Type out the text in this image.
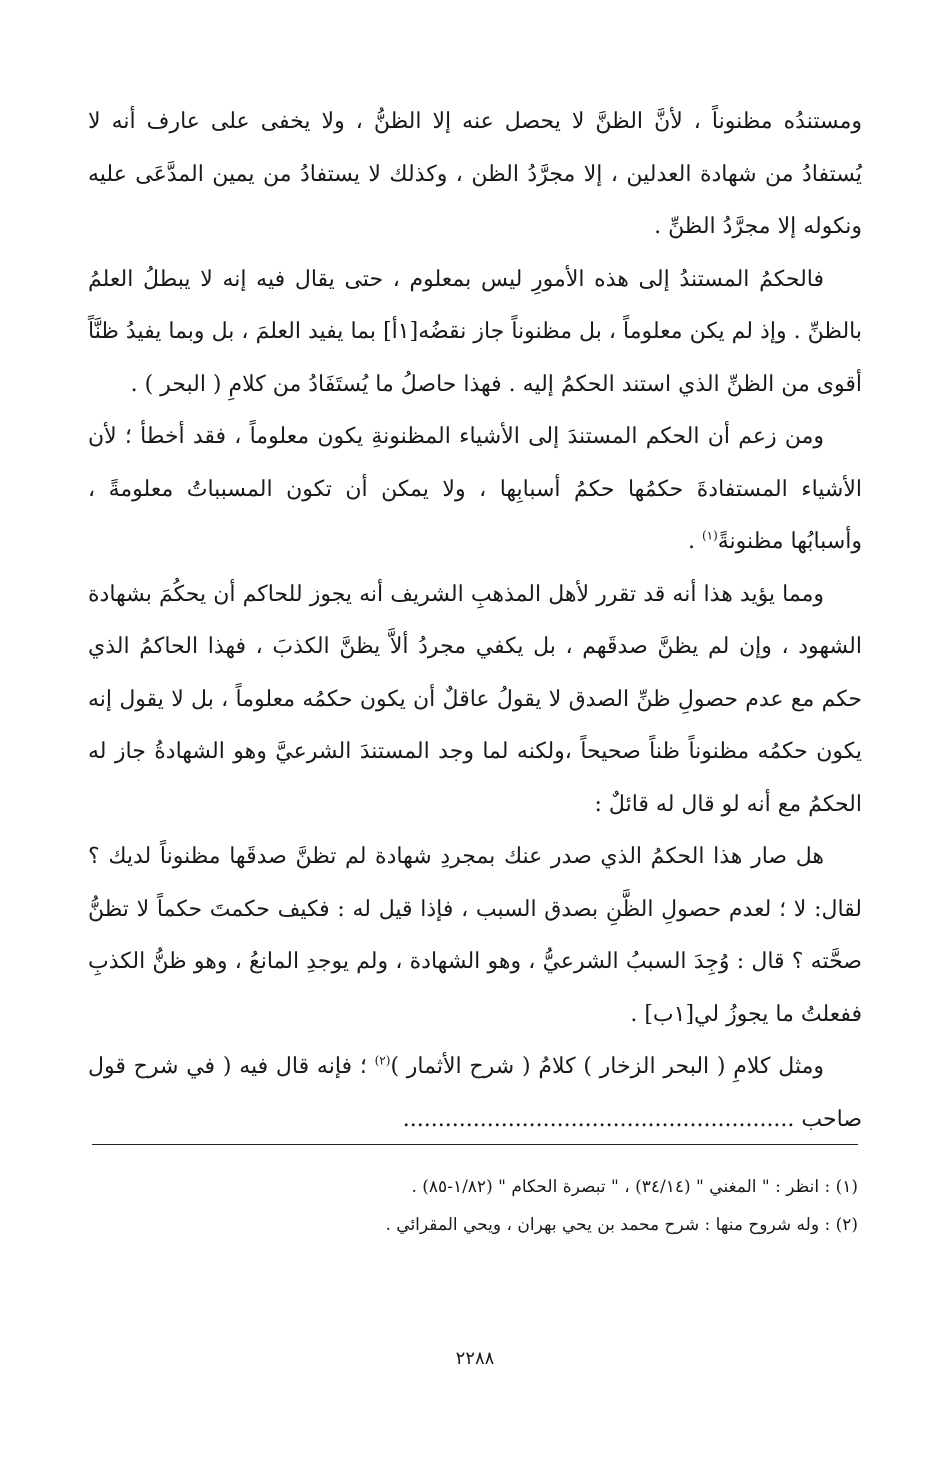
ومستندُه مظنوناً ، لأنَّ الظنَّ لا يحصل عنه إلا الظنُّ ، ولا يخفى على عارف أنه لا يُستفادُ من شهادة العدلين ، إلا مجرَّدُ الظن ، وكذلك لا يستفادُ من يمين المدَّعَى عليه ونكوله إلا مجرَّدُ الظنِّ .

فالحكمُ المستندُ إلى هذه الأمورِ ليس بمعلوم ، حتى يقال فيه إنه لا يبطلُ العلمُ بالظنِّ . وإذ لم يكن معلوماً ، بل مظنوناً جاز نقضُه[١أ] بما يفيد العلمَ ، بل وبما يفيدُ ظنَّاً أقوى من الظنِّ الذي استند الحكمُ إليه . فهذا حاصلُ ما يُستَفَادُ من كلامِ ( البحر ) .

ومن زعم أن الحكم المستندَ إلى الأشياء المظنونةِ يكون معلوماً ، فقد أخطأ ؛ لأن الأشياء المستفادةَ حكمُها حكمُ أسبابِها ، ولا يمكن أن تكون المسبباتُ معلومةً ، وأسبابُها مظنونةً$^{(١)}$ .

ومما يؤيد هذا أنه قد تقرر لأهل المذهبِ الشريف أنه يجوز للحاكم أن يحكُمَ بشهادة الشهود ، وإن لم يظنَّ صدقَهم ، بل يكفي مجردُ ألاَّ يظنَّ الكذبَ ، فهذا الحاكمُ الذي حكم مع عدم حصولِ ظنِّ الصدق لا يقولُ عاقلٌ أن يكون حكمُه معلوماً ، بل لا يقول إنه يكون حكمُه مظنوناً ظناً صحيحاً ،ولكنه لما وجد المستندَ الشرعيَّ وهو الشهادةُ جاز له الحكمُ مع أنه لو قال له قائلٌ :

هل صار هذا الحكمُ الذي صدر عنك بمجردِ شهادة لم تظنَّ صدقَها مظنوناً لديك ؟ لقال: لا ؛ لعدم حصولِ الظَّنِ بصدق السبب ، فإذا قيل له : فكيف حكمتَ حكماً لا تظنُّ صحَّته ؟ قال : وُجِدَ السببُ الشرعيُّ ، وهو الشهادة ، ولم يوجدِ المانعُ ، وهو ظنُّ الكذبِ ففعلتُ ما يجوزُ لي[١ب] .

ومثل كلامِ ( البحر الزخار ) كلامُ ( شرح الأثمار )$^{(٢)}$ ؛ فإنه قال فيه ( في شرح قول صاحب ........................................................

(١) : انظر : " المغني " (٣٤/١٤) ، " تبصرة الحكام " (١/٨٢-٨٥) .

(٢) : وله شروح منها : شرح محمد بن يحي بهران ، ويحي المقرائي .

٢٢٨٨
